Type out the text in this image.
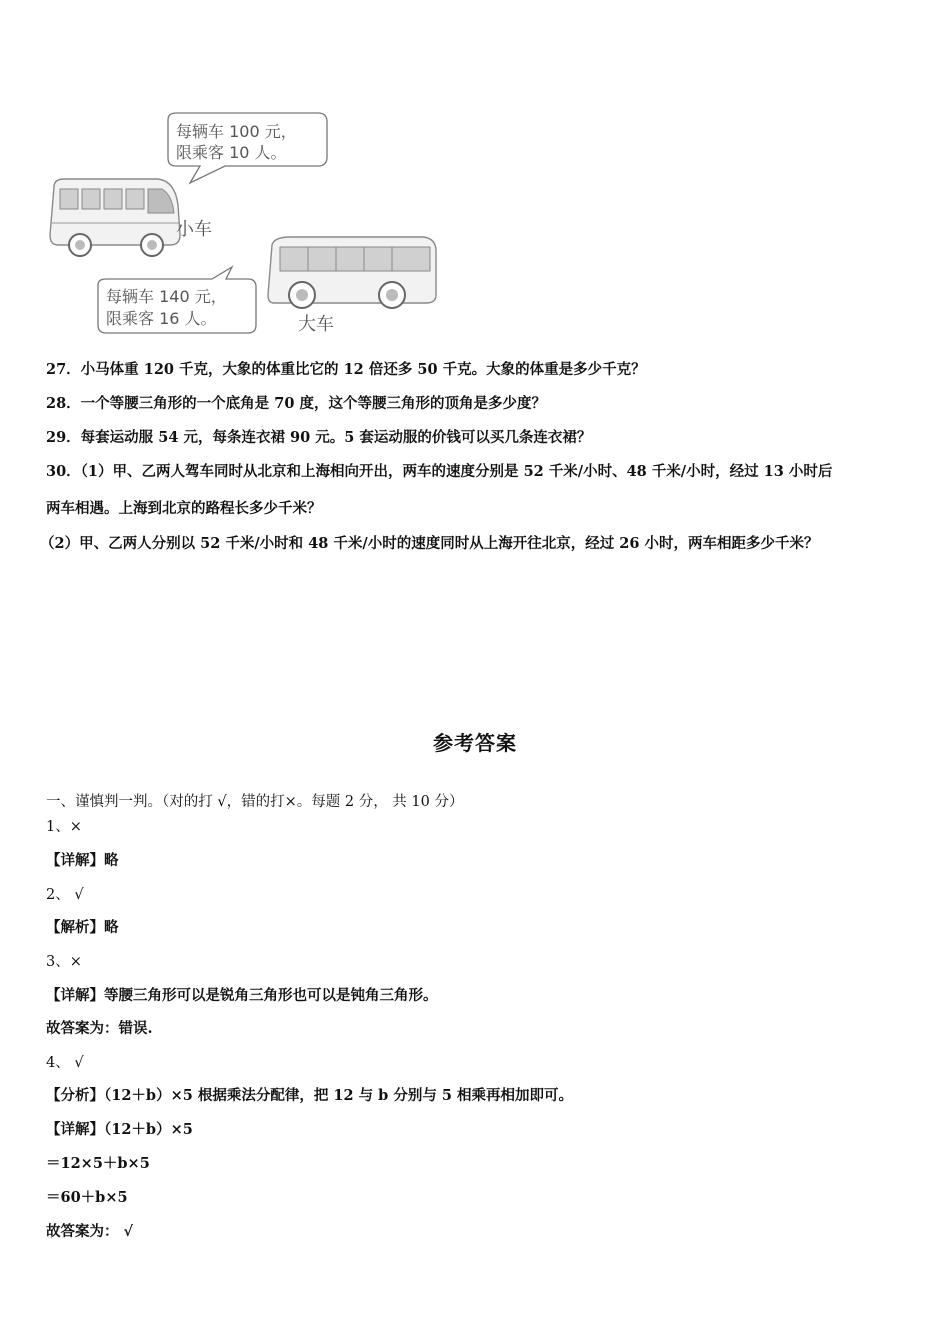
每辆车 100 元，
限乘客 10 人。
小车
大车
每辆车 140 元，
限乘客 16 人。
27．小马体重 120 千克，大象的体重比它的 12 倍还多 50 千克。大象的体重是多少千克？
28．一个等腰三角形的一个底角是 70 度，这个等腰三角形的顶角是多少度？
29．每套运动服 54 元，每条连衣裙 90 元。5 套运动服的价钱可以买几条连衣裙？
30．（1）甲、乙两人驾车同时从北京和上海相向开出，两车的速度分别是 52 千米/小时、48 千米/小时，经过 13 小时后
两车相遇。上海到北京的路程长多少千米？
（2）甲、乙两人分别以 52 千米/小时和 48 千米/小时的速度同时从上海开往北京，经过 26 小时，两车相距多少千米？
参考答案
一、谨慎判一判。（对的打 √，错的打×。每题 2 分， 共 10 分）
1、×
【详解】略
2、 √
【解析】略
3、×
【详解】等腰三角形可以是锐角三角形也可以是钝角三角形。
故答案为：错误.
4、 √
【分析】（12＋b）×5 根据乘法分配律，把 12 与 b 分别与 5 相乘再相加即可。
【详解】（12＋b）×5
＝12×5＋b×5
＝60＋b×5
故答案为： √
